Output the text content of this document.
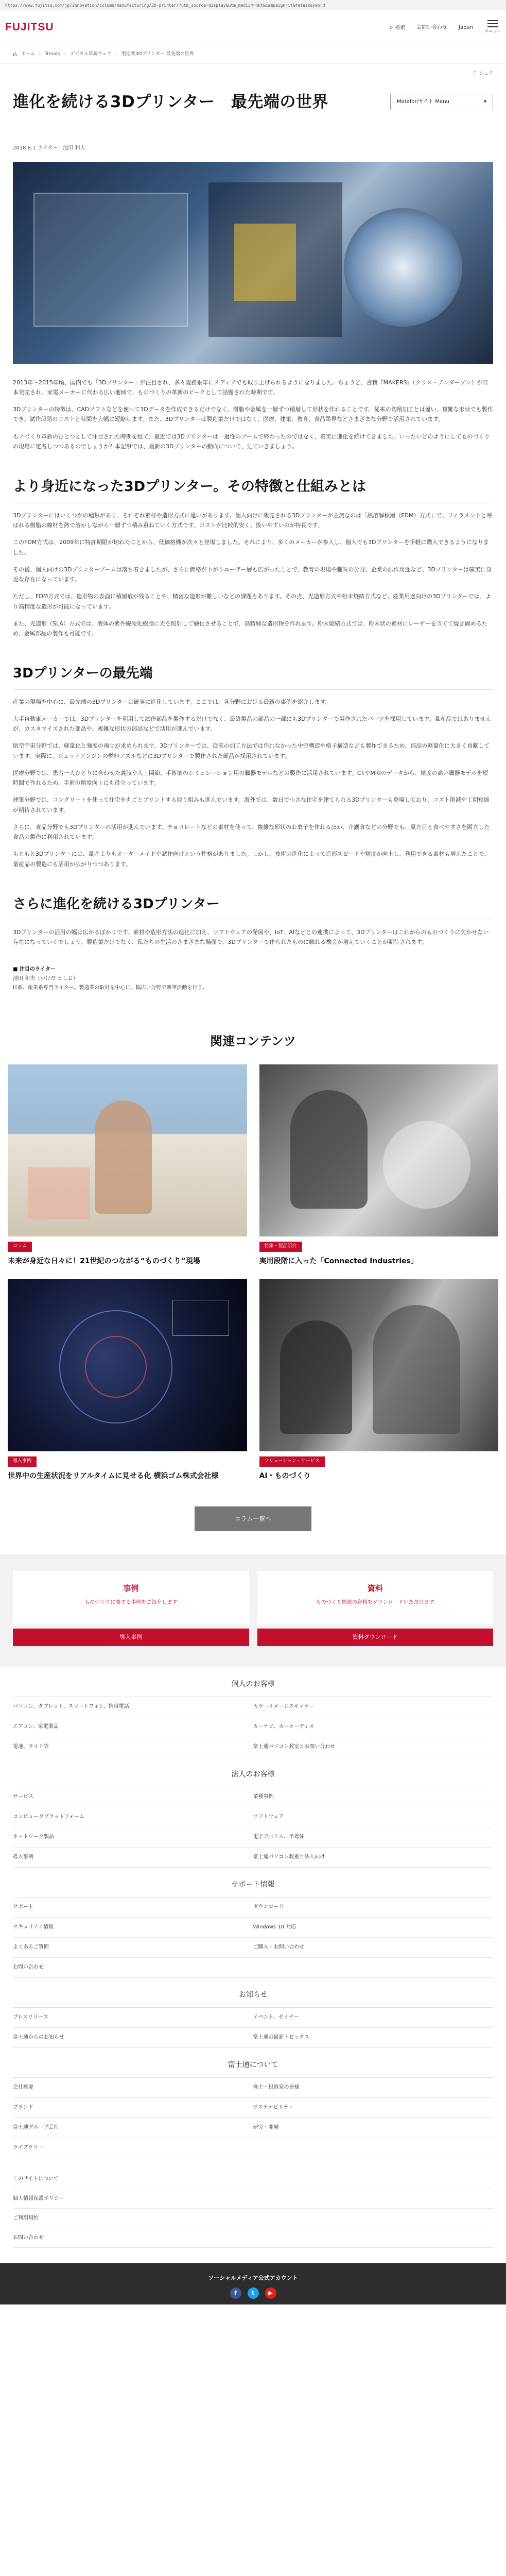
https://www.fujitsu.com/jp/innovation/column/manufacturing/3D-printer/?utm_source=display&utm_medium=nkt&campaign=it&fetaskeyword
FUJITSU	⌕ 検索 お問い合わせ Japan
メニュー
⌂ ホーム › Trends › デジタル革新ウェブ › 製造業3Dプリンター 最先端の世界
⤴ シェア
進化を続ける3Dプリンター　最先端の世界	Metafor/サイト Menu	▾
2018.8.1 ライター：池田 和夫

2013年〜2015年頃、国内でも「3Dプリンター」が注目され、多々義務系年にメディアでも取り上げられるようになりました。ちょうど、書籍『MAKERS』（クリス・アンダーソン）が日本発売され、家電メーカーに代わる広い地域で、ものづくりの革新のピークとして話題された時期です。

3Dプリンターの特徴は、CADソフトなどを使って3Dデータを作成できるだけでなく、樹脂や金属を一層ずつ積層して形状を作れることです。従来の切削加工とは違い、複雑な形状でも製作でき、試作段階のコストと時間を大幅に短縮します。また、3Dプリンターは製造業だけではなく、医療、建築、教育、食品業界などさまざまな分野で活用されています。

もノづくり革新のひとつとして注目された時期を経て、最近では3Dプリンターは一過性のブームで終わったのではなく、着実に進化を続けてきました。いったいどのようにしてものづくりの現場に定着しつつあるのでしょうか？本記事では、最新の3Dプリンターの動向について、見ていきましょう。

より身近になった3Dプリンター。その特徴と仕組みとは

3Dプリンターにはいくつかの種類があり、それぞれ素材や造形方式に違いがあります。個人向けに販売される3Dプリンターが主流なのは「熱溶解積層（FDM）方式」で、フィラメントと呼ばれる樹脂の線材を熱で溶かしながら一層ずつ積み重ねていく方式です。コストが比較的安く、扱いやすいのが特長です。

このFDM方式は、2009年に特許期限が切れたことから、低価格機が次々と登場しました。それにより、多くのメーカーが参入し、個人でも3Dプリンターを手軽に購入できるようになりました。

その後、個人向けの3Dプリンターブームは落ち着きましたが、さらに価格が下がりユーザー層も広がったことで、教育の現場や趣味の分野、企業の試作用途など、3Dプリンターは確実に身近な存在になっています。

ただし、FDM方式では、造形物の表面に積層痕が残ることや、精密な造形が難しいなどの課題もあります。その点、光造形方式や粉末焼結方式など、産業用途向けの3Dプリンターでは、より高精度な造形が可能になっています。

また、光造形（SLA）方式では、液体の紫外線硬化樹脂に光を照射して硬化させることで、高精細な造形物を作れます。粉末焼結方式では、粉末状の素材にレーザーを当てて焼き固めるため、金属部品の製作も可能です。

3Dプリンターの最先端

産業の現場を中心に、最先端の3Dプリンターは確実に進化しています。ここでは、各分野における最新の事例を紹介します。

大手自動車メーカーでは、3Dプリンターを利用して試作部品を製作するだけでなく、最終製品の部品の一部にも3Dプリンターで製作されたパーツを採用しています。量産品ではありませんが、カスタマイズされた部品や、複雑な形状の部品などで活用が進んでいます。

航空宇宙分野では、軽量化と強度の両立が求められます。3Dプリンターでは、従来の加工方法では作れなかった中空構造や格子構造なども製作できるため、部品の軽量化に大きく貢献しています。実際に、ジェットエンジンの燃料ノズルなどに3Dプリンターで製作された部品が採用されています。

医療分野では、患者一人ひとりに合わせた義肢や人工関節、手術前のシミュレーション用の臓器モデルなどの製作に活用されています。CTやMRIのデータから、精度の高い臓器モデルを短時間で作れるため、手術の精度向上にも役立っています。

建築分野では、コンクリートを使って住宅を丸ごとプリントする取り組みも進んでいます。海外では、数日で小さな住宅を建てられる3Dプリンターも登場しており、コスト削減や工期短縮が期待されています。

さらに、食品分野でも3Dプリンターの活用が進んでいます。チョコレートなどの素材を使って、複雑な形状のお菓子を作れるほか、介護食などの分野でも、見た目と食べやすさを両立した食品の製作に利用されています。

もともと3Dプリンターには、量産よりもオーダーメイドや試作向けという性格がありました。しかし、技術の進化によって造形スピードや精度が向上し、利用できる素材も増えたことで、量産品の製造にも活用が広がりつつあります。

さらに進化を続ける3Dプリンター

3Dプリンターの活用の幅は広がるばかりです。素材や造形方法の進化に加え、ソフトウェアの発展や、IoT、AIなどとの連携によって、3Dプリンターはこれからのものづくりに欠かせない存在になっていくでしょう。製造業だけでなく、私たちの生活のさまざまな場面で、3Dプリンターで作られたものに触れる機会が増えていくことが期待されます。

■ 注目のライター
池田 和夫（いけだ としお）
IT系、産業系専門ライター。製造業の取材を中心に、幅広い分野で執筆活動を行う。
関連コンテンツ
コラム
未来が身近な日々に！21世紀のつながる“ものづくり”現場
特集・製品紹介
実用段階に入った「Connected Industries」
導入事例
世界中の生産状況をリアルタイムに見せる化 横浜ゴム株式会社様
ソリューション・サービス
AI・ものづくり
コラム一覧へ
事例
ものづくりに関する事例をご紹介します
導入事例
資料
ものづくり関連の資料をダウンロードいただけます
資料ダウンロード
個人のお客様
パソコン、タブレット、スマートフォン、携帯電話	カラーイメージスキャナー
エアコン、家電製品	カーナビ、カーオーディオ
電池、ライト等	富士通パソコン教室とお問い合わせ
法人のお客様
サービス	業種事例
コンピュータプラットフォーム	ソフトウェア
ネットワーク製品	電子デバイス、半導体
導入事例	富士通パソコン教室と法人向け
サポート情報
サポート	ダウンロード
セキュリティ情報	Windows 10 対応
よくあるご質問	ご購入・お問い合わせ
お問い合わせ
お知らせ
プレスリリース	イベント、セミナー
富士通からのお知らせ	富士通の最新トピックス
富士通について
会社概要	株主・投資家の皆様
ブランド	サステナビリティ
富士通グループ会社	研究・開発
ライブラリー
このサイトについて
個人情報保護ポリシー
ご利用規約
お問い合わせ
ソーシャルメディア公式アカウント
f	t	▶
